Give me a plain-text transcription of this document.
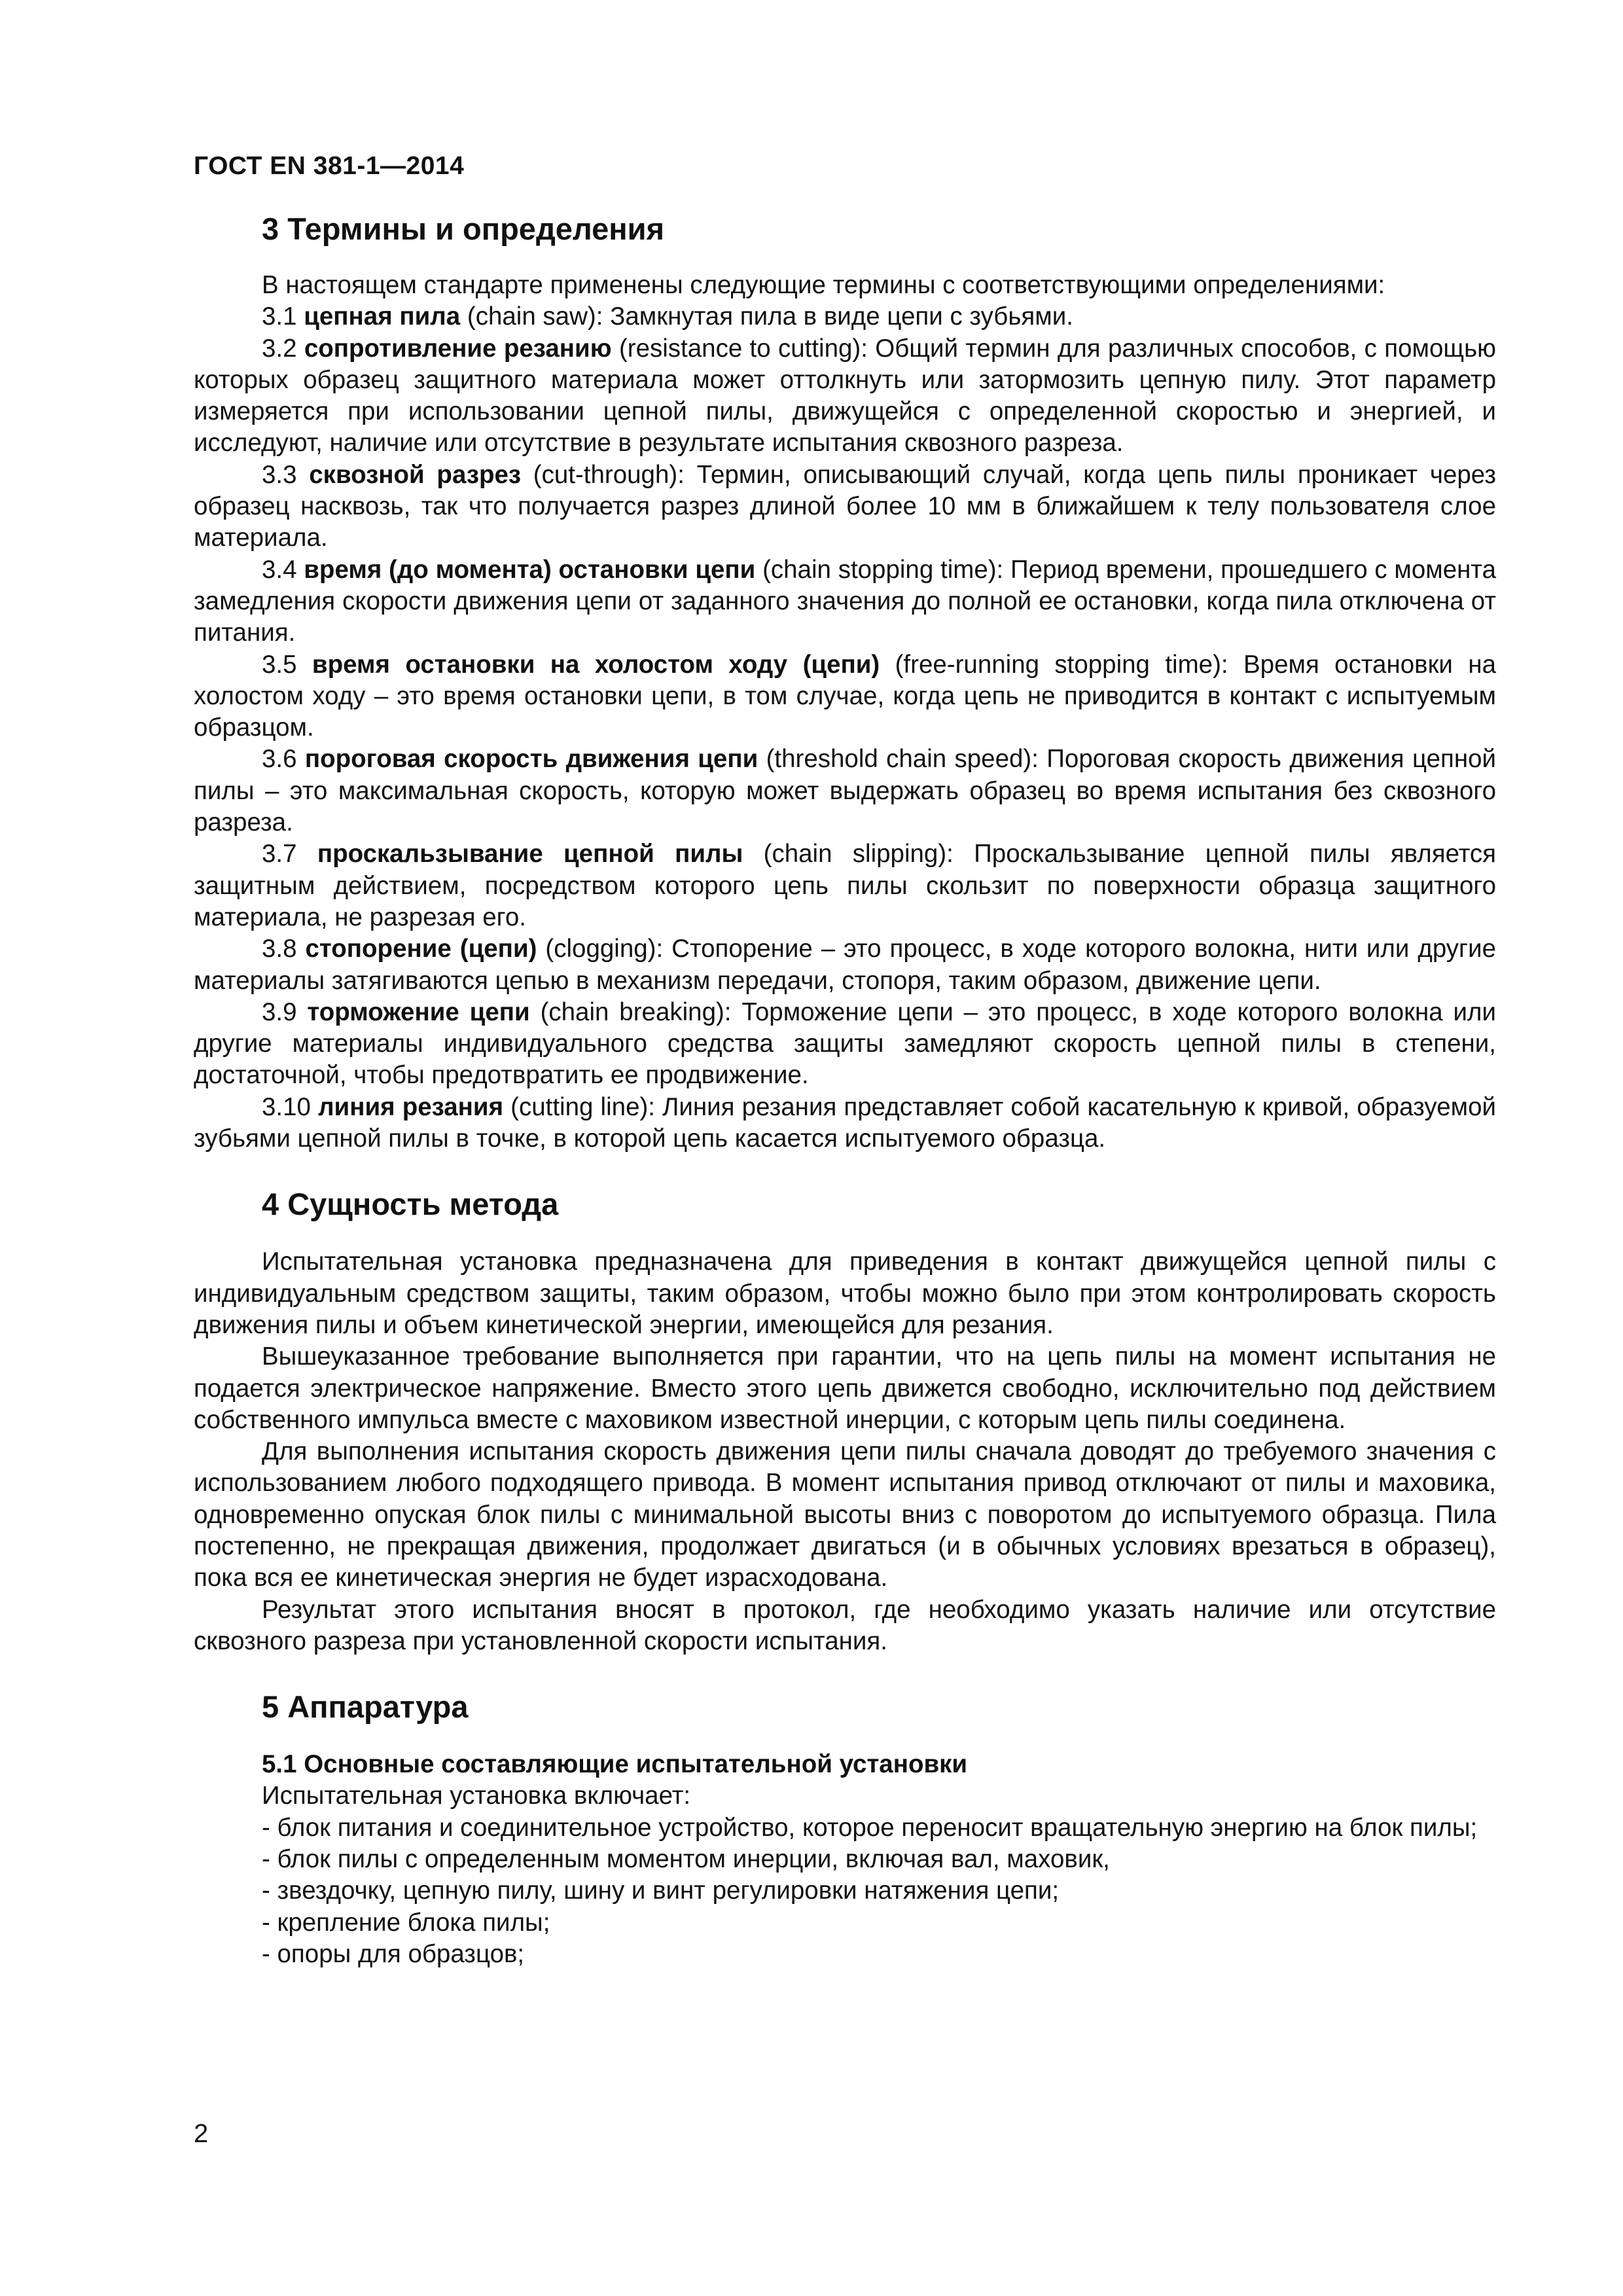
ГОСТ EN 381-1—2014
3 Термины и определения

В настоящем стандарте применены следующие термины с соответствующими определениями:

3.1 цепная пила (chain saw): Замкнутая пила в виде цепи с зубьями.

3.2 сопротивление резанию (resistance to cutting): Общий термин для различных способов, с помощью которых образец защитного материала может оттолкнуть или затормозить цепную пилу. Этот параметр измеряется при использовании цепной пилы, движущейся с определенной скоростью и энергией, и исследуют, наличие или отсутствие в результате испытания сквозного разреза.

3.3 сквозной разрез (cut-through): Термин, описывающий случай, когда цепь пилы проникает через образец насквозь, так что получается разрез длиной более 10 мм в ближайшем к телу пользователя слое материала.

3.4 время (до момента) остановки цепи (chain stopping time): Период времени, прошедшего с момента замедления скорости движения цепи от заданного значения до полной ее остановки, когда пила отключена от питания.

3.5 время остановки на холостом ходу (цепи) (free-running stopping time): Время остановки на холостом ходу – это время остановки цепи, в том случае, когда цепь не приводится в контакт с испытуемым образцом.

3.6 пороговая скорость движения цепи (threshold chain speed): Пороговая скорость движения цепной пилы – это максимальная скорость, которую может выдержать образец во время испытания без сквозного разреза.

3.7 проскальзывание цепной пилы (chain slipping): Проскальзывание цепной пилы является защитным действием, посредством которого цепь пилы скользит по поверхности образца защитного материала, не разрезая его.

3.8 стопорение (цепи) (clogging): Стопорение – это процесс, в ходе которого волокна, нити или другие материалы затягиваются цепью в механизм передачи, стопоря, таким образом, движение цепи.

3.9 торможение цепи (chain breaking): Торможение цепи – это процесс, в ходе которого волокна или другие материалы индивидуального средства защиты замедляют скорость цепной пилы в степени, достаточной, чтобы предотвратить ее продвижение.

3.10 линия резания (cutting line): Линия резания представляет собой касательную к кривой, образуемой зубьями цепной пилы в точке, в которой цепь касается испытуемого образца.

4 Сущность метода

Испытательная установка предназначена для приведения в контакт движущейся цепной пилы с индивидуальным средством защиты, таким образом, чтобы можно было при этом контролировать скорость движения пилы и объем кинетической энергии, имеющейся для резания.

Вышеуказанное требование выполняется при гарантии, что на цепь пилы на момент испытания не подается электрическое напряжение. Вместо этого цепь движется свободно, исключительно под действием собственного импульса вместе с маховиком известной инерции, с которым цепь пилы соединена.

Для выполнения испытания скорость движения цепи пилы сначала доводят до требуемого значения с использованием любого подходящего привода. В момент испытания привод отключают от пилы и маховика, одновременно опуская блок пилы с минимальной высоты вниз с поворотом до испытуемого образца. Пила постепенно, не прекращая движения, продолжает двигаться (и в обычных условиях врезаться в образец), пока вся ее кинетическая энергия не будет израсходована.

Результат этого испытания вносят в протокол, где необходимо указать наличие или отсутствие сквозного разреза при установленной скорости испытания.

5 Аппаратура

5.1 Основные составляющие испытательной установки

Испытательная установка включает:

- блок питания и соединительное устройство, которое переносит вращательную энергию на блок пилы;

- блок пилы с определенным моментом инерции, включая вал, маховик,

- звездочку, цепную пилу, шину и винт регулировки натяжения цепи;

- крепление блока пилы;

- опоры для образцов;

2
